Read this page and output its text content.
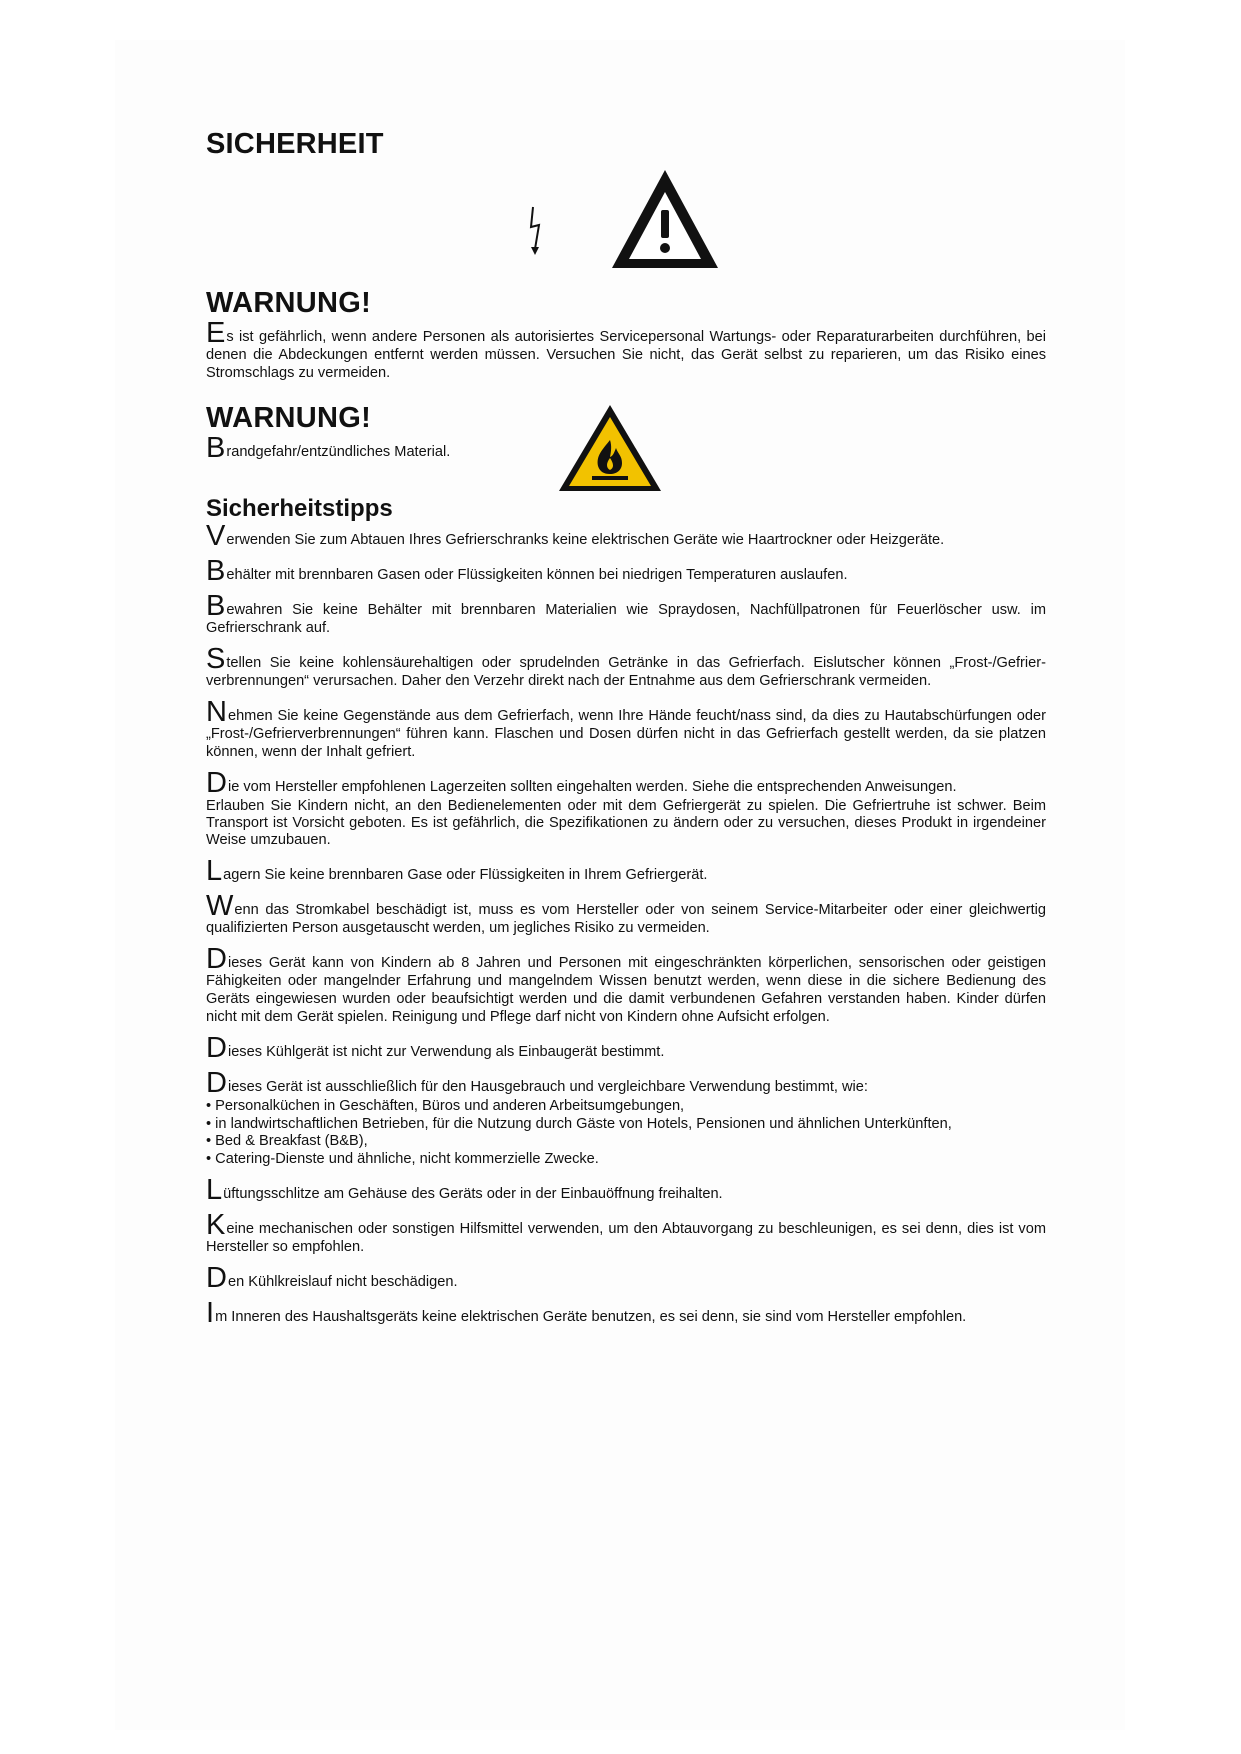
SICHERHEIT
WARNUNG!

Es ist gefährlich, wenn andere Personen als autorisiertes Servicepersonal Wartungs- oder Reparaturarbeiten durchführen, bei denen die Abdeckungen entfernt werden müssen. Versuchen Sie nicht, das Gerät selbst zu reparieren, um das Risiko eines Stromschlags zu vermeiden.

WARNUNG!

Brandgefahr/entzündliches Material.

Sicherheitstipps

Verwenden Sie zum Abtauen Ihres Gefrierschranks keine elektrischen Geräte wie Haartrockner oder Heizgeräte.

Behälter mit brennbaren Gasen oder Flüssigkeiten können bei niedrigen Temperaturen auslaufen.

Bewahren Sie keine Behälter mit brennbaren Materialien wie Spraydosen, Nachfüllpatronen für Feuerlöscher usw. im Gefrierschrank auf.

Stellen Sie keine kohlensäurehaltigen oder sprudelnden Getränke in das Gefrierfach. Eislutscher können „Frost-/Gefrier-verbrennungen“ verursachen. Daher den Verzehr direkt nach der Entnahme aus dem Gefrierschrank vermeiden.

Nehmen Sie keine Gegenstände aus dem Gefrierfach, wenn Ihre Hände feucht/nass sind, da dies zu Hautabschürfungen oder „Frost-/Gefrierverbrennungen“ führen kann. Flaschen und Dosen dürfen nicht in das Gefrierfach gestellt werden, da sie platzen können, wenn der Inhalt gefriert.

Die vom Hersteller empfohlenen Lagerzeiten sollten eingehalten werden. Siehe die entsprechenden Anweisungen.

Erlauben Sie Kindern nicht, an den Bedienelementen oder mit dem Gefriergerät zu spielen. Die Gefriertruhe ist schwer. Beim Transport ist Vorsicht geboten. Es ist gefährlich, die Spezifikationen zu ändern oder zu versuchen, dieses Produkt in irgendeiner Weise umzubauen.

Lagern Sie keine brennbaren Gase oder Flüssigkeiten in Ihrem Gefriergerät.

Wenn das Stromkabel beschädigt ist, muss es vom Hersteller oder von seinem Service-Mitarbeiter oder einer gleichwertig qualifizierten Person ausgetauscht werden, um jegliches Risiko zu vermeiden.

Dieses Gerät kann von Kindern ab 8 Jahren und Personen mit eingeschränkten körperlichen, sensorischen oder geistigen Fähigkeiten oder mangelnder Erfahrung und mangelndem Wissen benutzt werden, wenn diese in die sichere Bedienung des Geräts eingewiesen wurden oder beaufsichtigt werden und die damit verbundenen Gefahren verstanden haben. Kinder dürfen nicht mit dem Gerät spielen. Reinigung und Pflege darf nicht von Kindern ohne Aufsicht erfolgen.

Dieses Kühlgerät ist nicht zur Verwendung als Einbaugerät bestimmt.

Dieses Gerät ist ausschließlich für den Hausgebrauch und vergleichbare Verwendung bestimmt, wie:

• Personalküchen in Geschäften, Büros und anderen Arbeitsumgebungen,
• in landwirtschaftlichen Betrieben, für die Nutzung durch Gäste von Hotels, Pensionen und ähnlichen Unterkünften,
• Bed & Breakfast (B&B),
• Catering-Dienste und ähnliche, nicht kommerzielle Zwecke.

Lüftungsschlitze am Gehäuse des Geräts oder in der Einbauöffnung freihalten.

Keine mechanischen oder sonstigen Hilfsmittel verwenden, um den Abtauvorgang zu beschleunigen, es sei denn, dies ist vom Hersteller so empfohlen.

Den Kühlkreislauf nicht beschädigen.

Im Inneren des Haushaltsgeräts keine elektrischen Geräte benutzen, es sei denn, sie sind vom Hersteller empfohlen.
